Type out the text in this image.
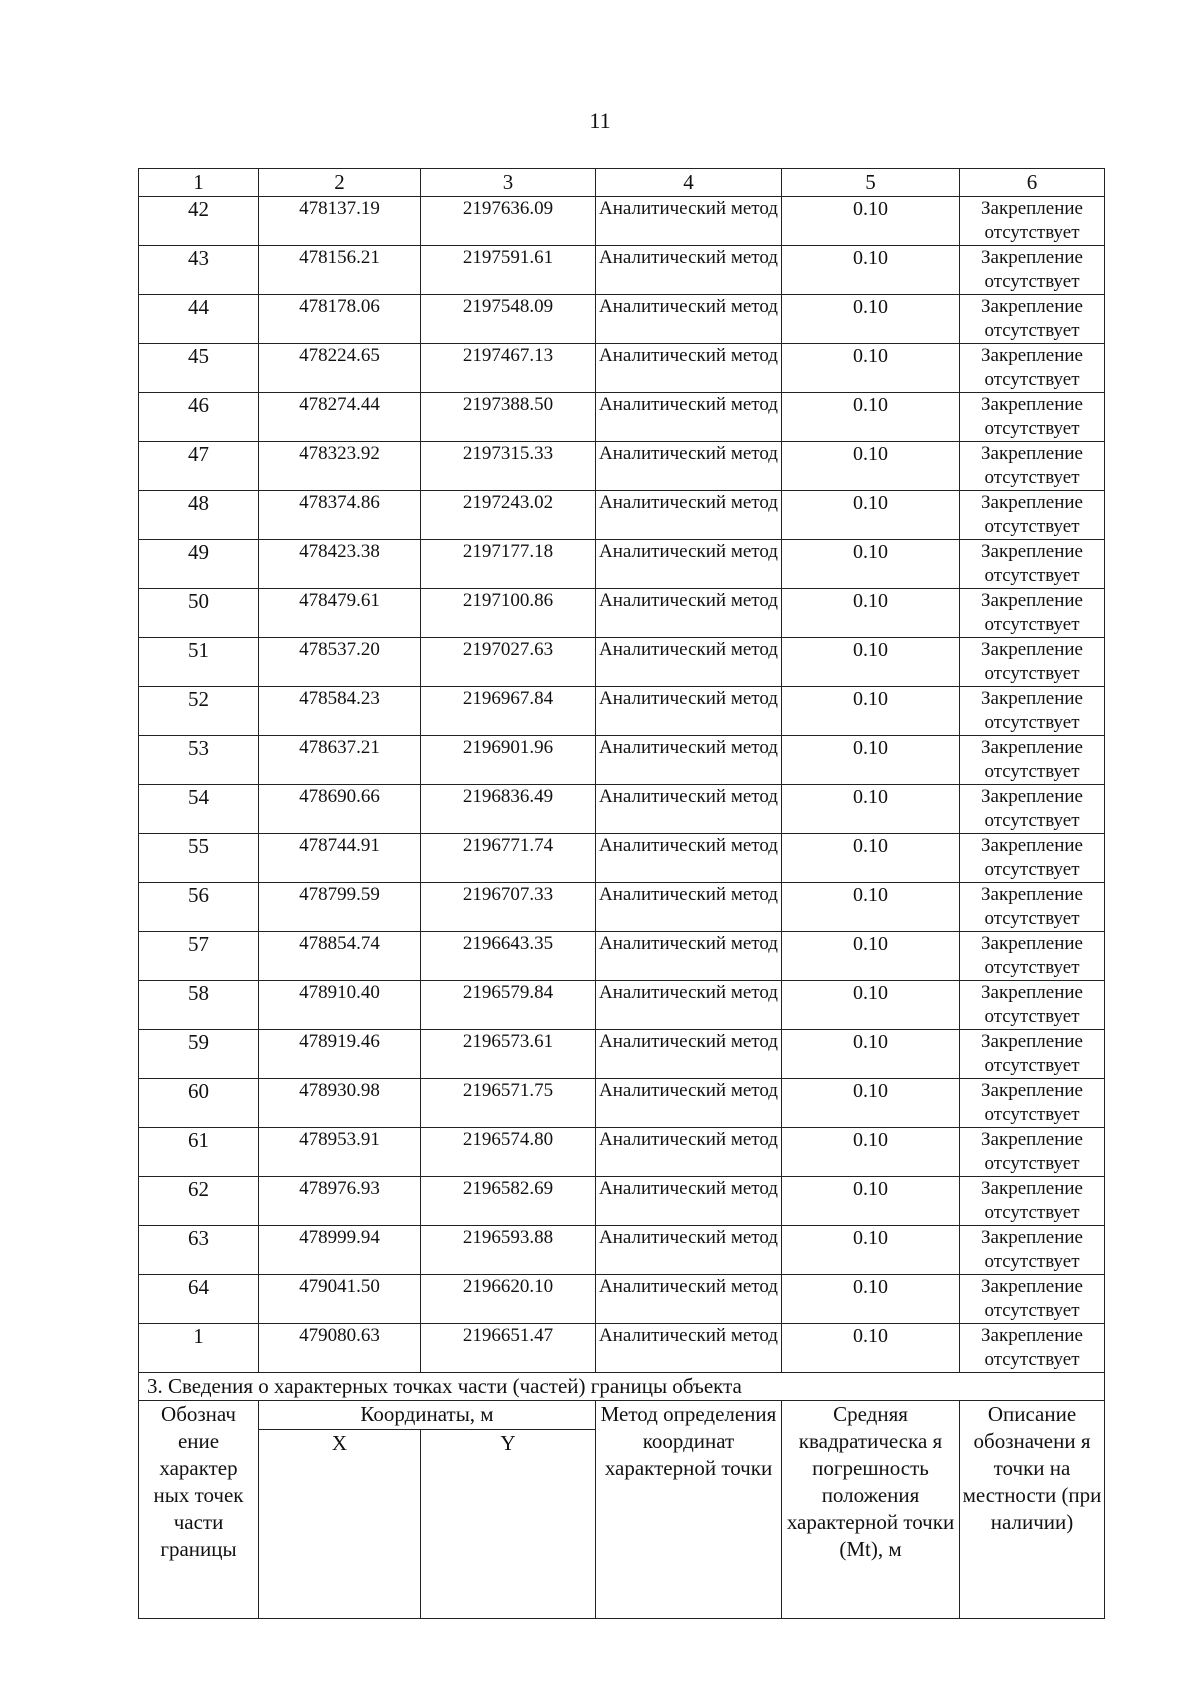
11
1	2	3	4	5	6
42	478137.19	2197636.09	Аналитический метод	0.10	Закрепление отсутствует
43	478156.21	2197591.61	Аналитический метод	0.10	Закрепление отсутствует
44	478178.06	2197548.09	Аналитический метод	0.10	Закрепление отсутствует
45	478224.65	2197467.13	Аналитический метод	0.10	Закрепление отсутствует
46	478274.44	2197388.50	Аналитический метод	0.10	Закрепление отсутствует
47	478323.92	2197315.33	Аналитический метод	0.10	Закрепление отсутствует
48	478374.86	2197243.02	Аналитический метод	0.10	Закрепление отсутствует
49	478423.38	2197177.18	Аналитический метод	0.10	Закрепление отсутствует
50	478479.61	2197100.86	Аналитический метод	0.10	Закрепление отсутствует
51	478537.20	2197027.63	Аналитический метод	0.10	Закрепление отсутствует
52	478584.23	2196967.84	Аналитический метод	0.10	Закрепление отсутствует
53	478637.21	2196901.96	Аналитический метод	0.10	Закрепление отсутствует
54	478690.66	2196836.49	Аналитический метод	0.10	Закрепление отсутствует
55	478744.91	2196771.74	Аналитический метод	0.10	Закрепление отсутствует
56	478799.59	2196707.33	Аналитический метод	0.10	Закрепление отсутствует
57	478854.74	2196643.35	Аналитический метод	0.10	Закрепление отсутствует
58	478910.40	2196579.84	Аналитический метод	0.10	Закрепление отсутствует
59	478919.46	2196573.61	Аналитический метод	0.10	Закрепление отсутствует
60	478930.98	2196571.75	Аналитический метод	0.10	Закрепление отсутствует
61	478953.91	2196574.80	Аналитический метод	0.10	Закрепление отсутствует
62	478976.93	2196582.69	Аналитический метод	0.10	Закрепление отсутствует
63	478999.94	2196593.88	Аналитический метод	0.10	Закрепление отсутствует
64	479041.50	2196620.10	Аналитический метод	0.10	Закрепление отсутствует
1	479080.63	2196651.47	Аналитический метод	0.10	Закрепление отсутствует
3. Сведения о характерных точках части (частей) границы объекта					
Обознач ение характер ных точек части границы	Координаты, м		Метод определения координат характерной точки	Средняя квадратическа я погрешность положения характерной точки (Mt), м	Описание обозначени я точки на местности (при наличии)
	X	Y			
